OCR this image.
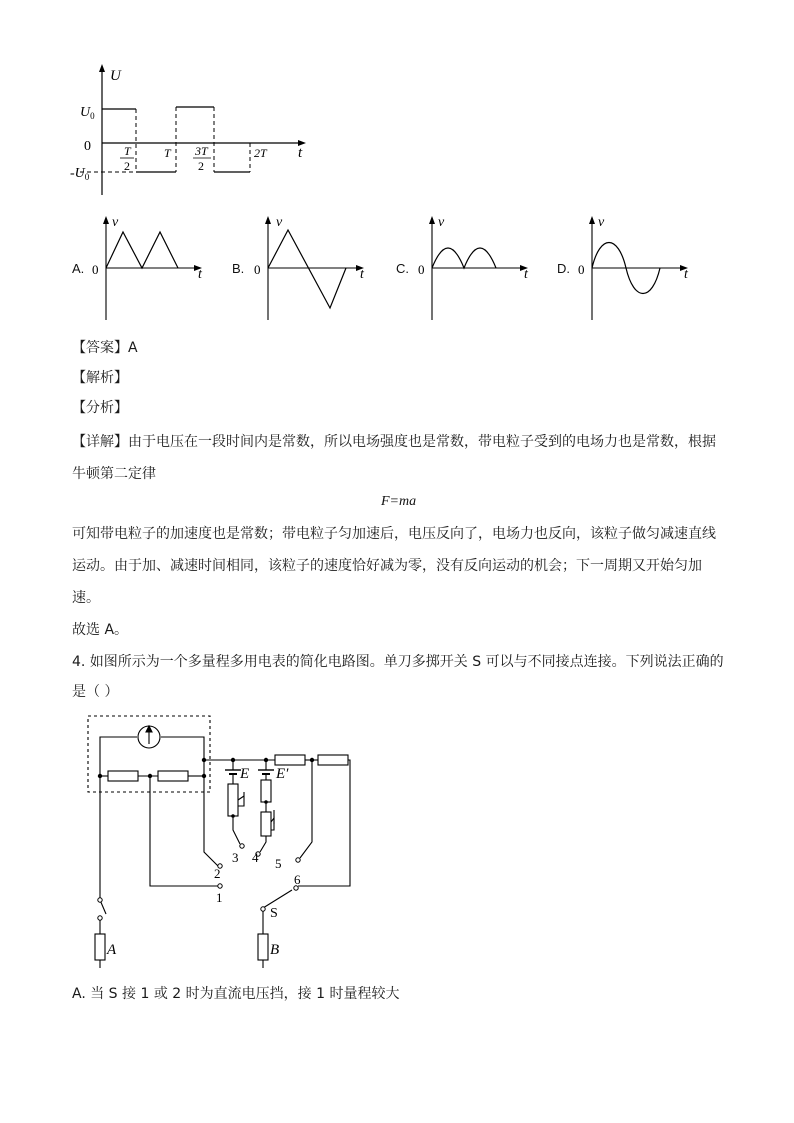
U
t
$U_0$
0
$-U_0$
T
2
T 3T
2
2T
A.
v
t
0	B.
v
t
0	C.
v
t
0	D.
v
t
0
【答案】A
【解析】
【分析】
【详解】由于电压在一段时间内是常数，所以电场强度也是常数，带电粒子受到的电场力也是常数，根据
牛顿第二定律
F=ma
可知带电粒子的加速度也是常数；带电粒子匀加速后，电压反向了，电场力也反向，该粒子做匀减速直线
运动。由于加、减速时间相同，该粒子的速度恰好减为零，没有反向运动的机会；下一周期又开始匀加
速。
故选 A。
4. 如图所示为一个多量程多用电表的简化电路图。单刀多掷开关 S 可以与不同接点连接。下列说法正确的
是（ ）
E E′
1
2
3 4 5
6
S
A	B
A. 当 S 接 1 或 2 时为直流电压挡，接 1 时量程较大
